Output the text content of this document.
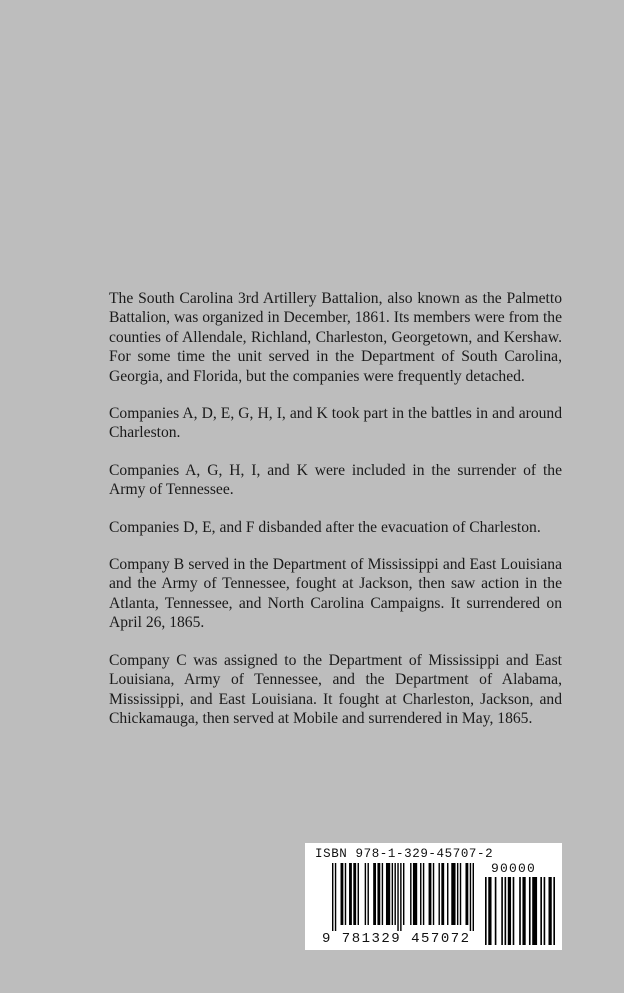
The South Carolina 3rd Artillery Battalion, also known as the Palmetto Battalion, was organized in December, 1861. Its members were from the counties of Allendale, Richland, Charleston, Georgetown, and Kershaw. For some time the unit served in the Department of South Carolina, Georgia, and Florida, but the companies were frequently detached.

Companies A, D, E, G, H, I, and K took part in the battles in and around Charleston.

Companies A, G, H, I, and K were included in the surrender of the Army of Tennessee.

Companies D, E, and F disbanded after the evacuation of Charleston.

Company B served in the Department of Mississippi and East Louisiana and the Army of Tennessee, fought at Jackson, then saw action in the Atlanta, Tennessee, and North Carolina Campaigns. It surrendered on April 26, 1865.

Company C was assigned to the Department of Mississippi and East Louisiana, Army of Tennessee, and the Department of Alabama, Mississippi, and East Louisiana. It fought at Charleston, Jackson, and Chickamauga, then served at Mobile and surrendered in May, 1865.

ISBN 978-1-329-45707-2
90000
9 781329 457072
